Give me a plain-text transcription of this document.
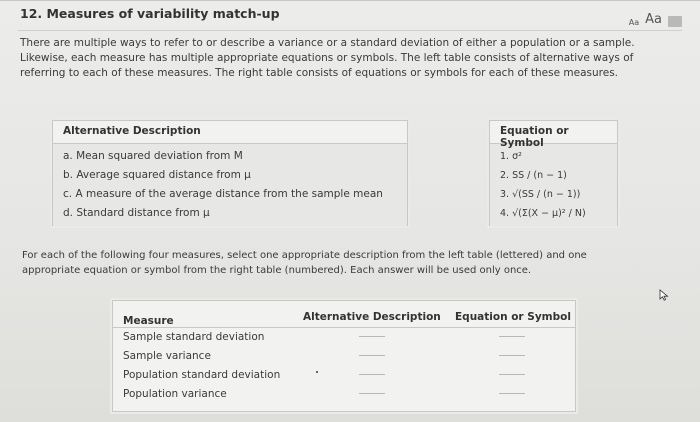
12. Measures of variability match-up
Aa Aa
There are multiple ways to refer to or describe a variance or a standard deviation of either a population or a sample. Likewise, each measure has multiple appropriate equations or symbols. The left table consists of alternative ways of referring to each of these measures. The right table consists of equations or symbols for each of these measures.
Alternative Description
a. Mean squared deviation from M
b. Average squared distance from μ
c. A measure of the average distance from the sample mean
d. Standard distance from μ
Equation or Symbol
1. σ²
2. SS / (n − 1)
3. √(SS / (n − 1))
4. √(Σ(X − μ)² / N)
For each of the following four measures, select one appropriate description from the left table (lettered) and one appropriate equation or symbol from the right table (numbered). Each answer will be used only once.
Measure	Alternative Description Equation or Symbol
Sample standard deviation
Sample variance
Population standard deviation
Population variance
